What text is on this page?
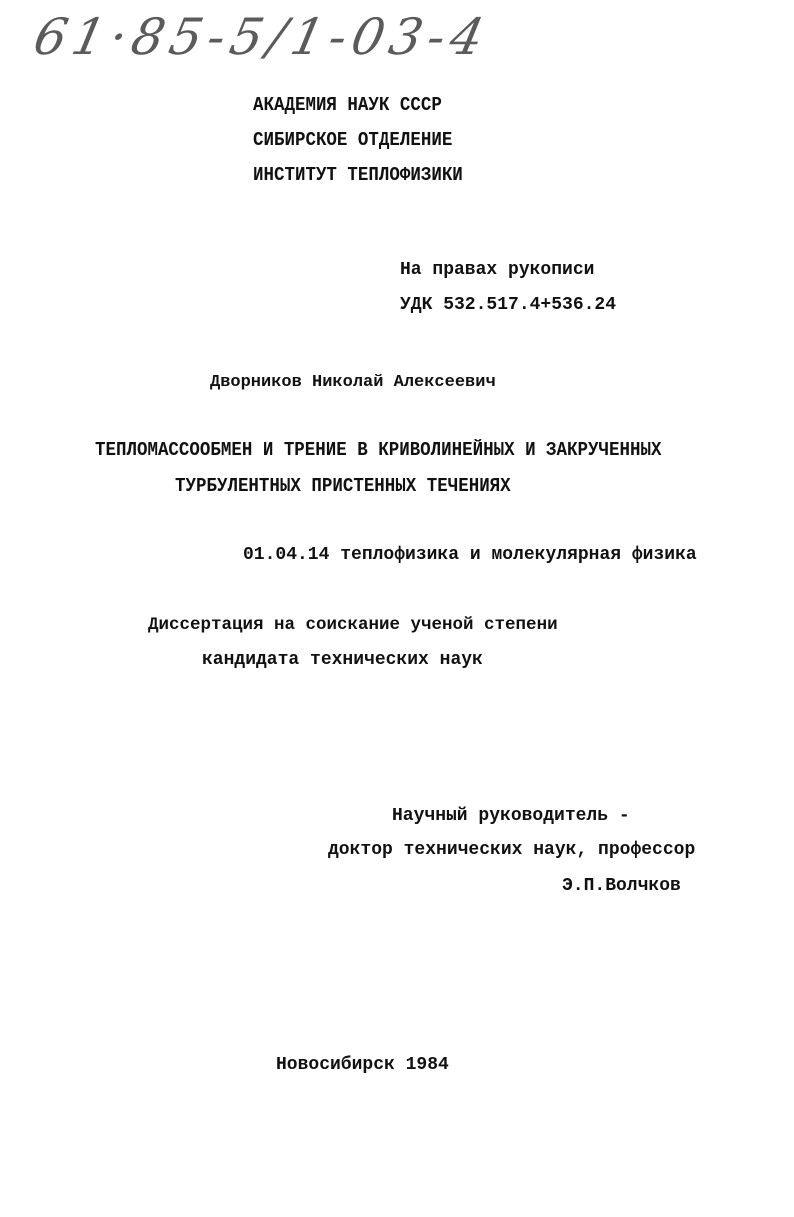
61·85-5/1-03-4
АКАДЕМИЯ НАУК СССР
СИБИРСКОЕ ОТДЕЛЕНИЕ
ИНСТИТУТ ТЕПЛОФИЗИКИ
На правах рукописи
УДК 532.517.4+536.24
Дворников Николай Алексеевич
ТЕПЛОМАССООБМЕН И ТРЕНИЕ В КРИВОЛИНЕЙНЫХ И ЗАКРУЧЕННЫХ
ТУРБУЛЕНТНЫХ ПРИСТЕННЫХ ТЕЧЕНИЯХ
01.04.14 теплофизика и молекулярная физика
Диссертация на соискание ученой степени
кандидата технических наук
Научный руководитель -
доктор технических наук, профессор
Э.П.Волчков
Новосибирск 1984
